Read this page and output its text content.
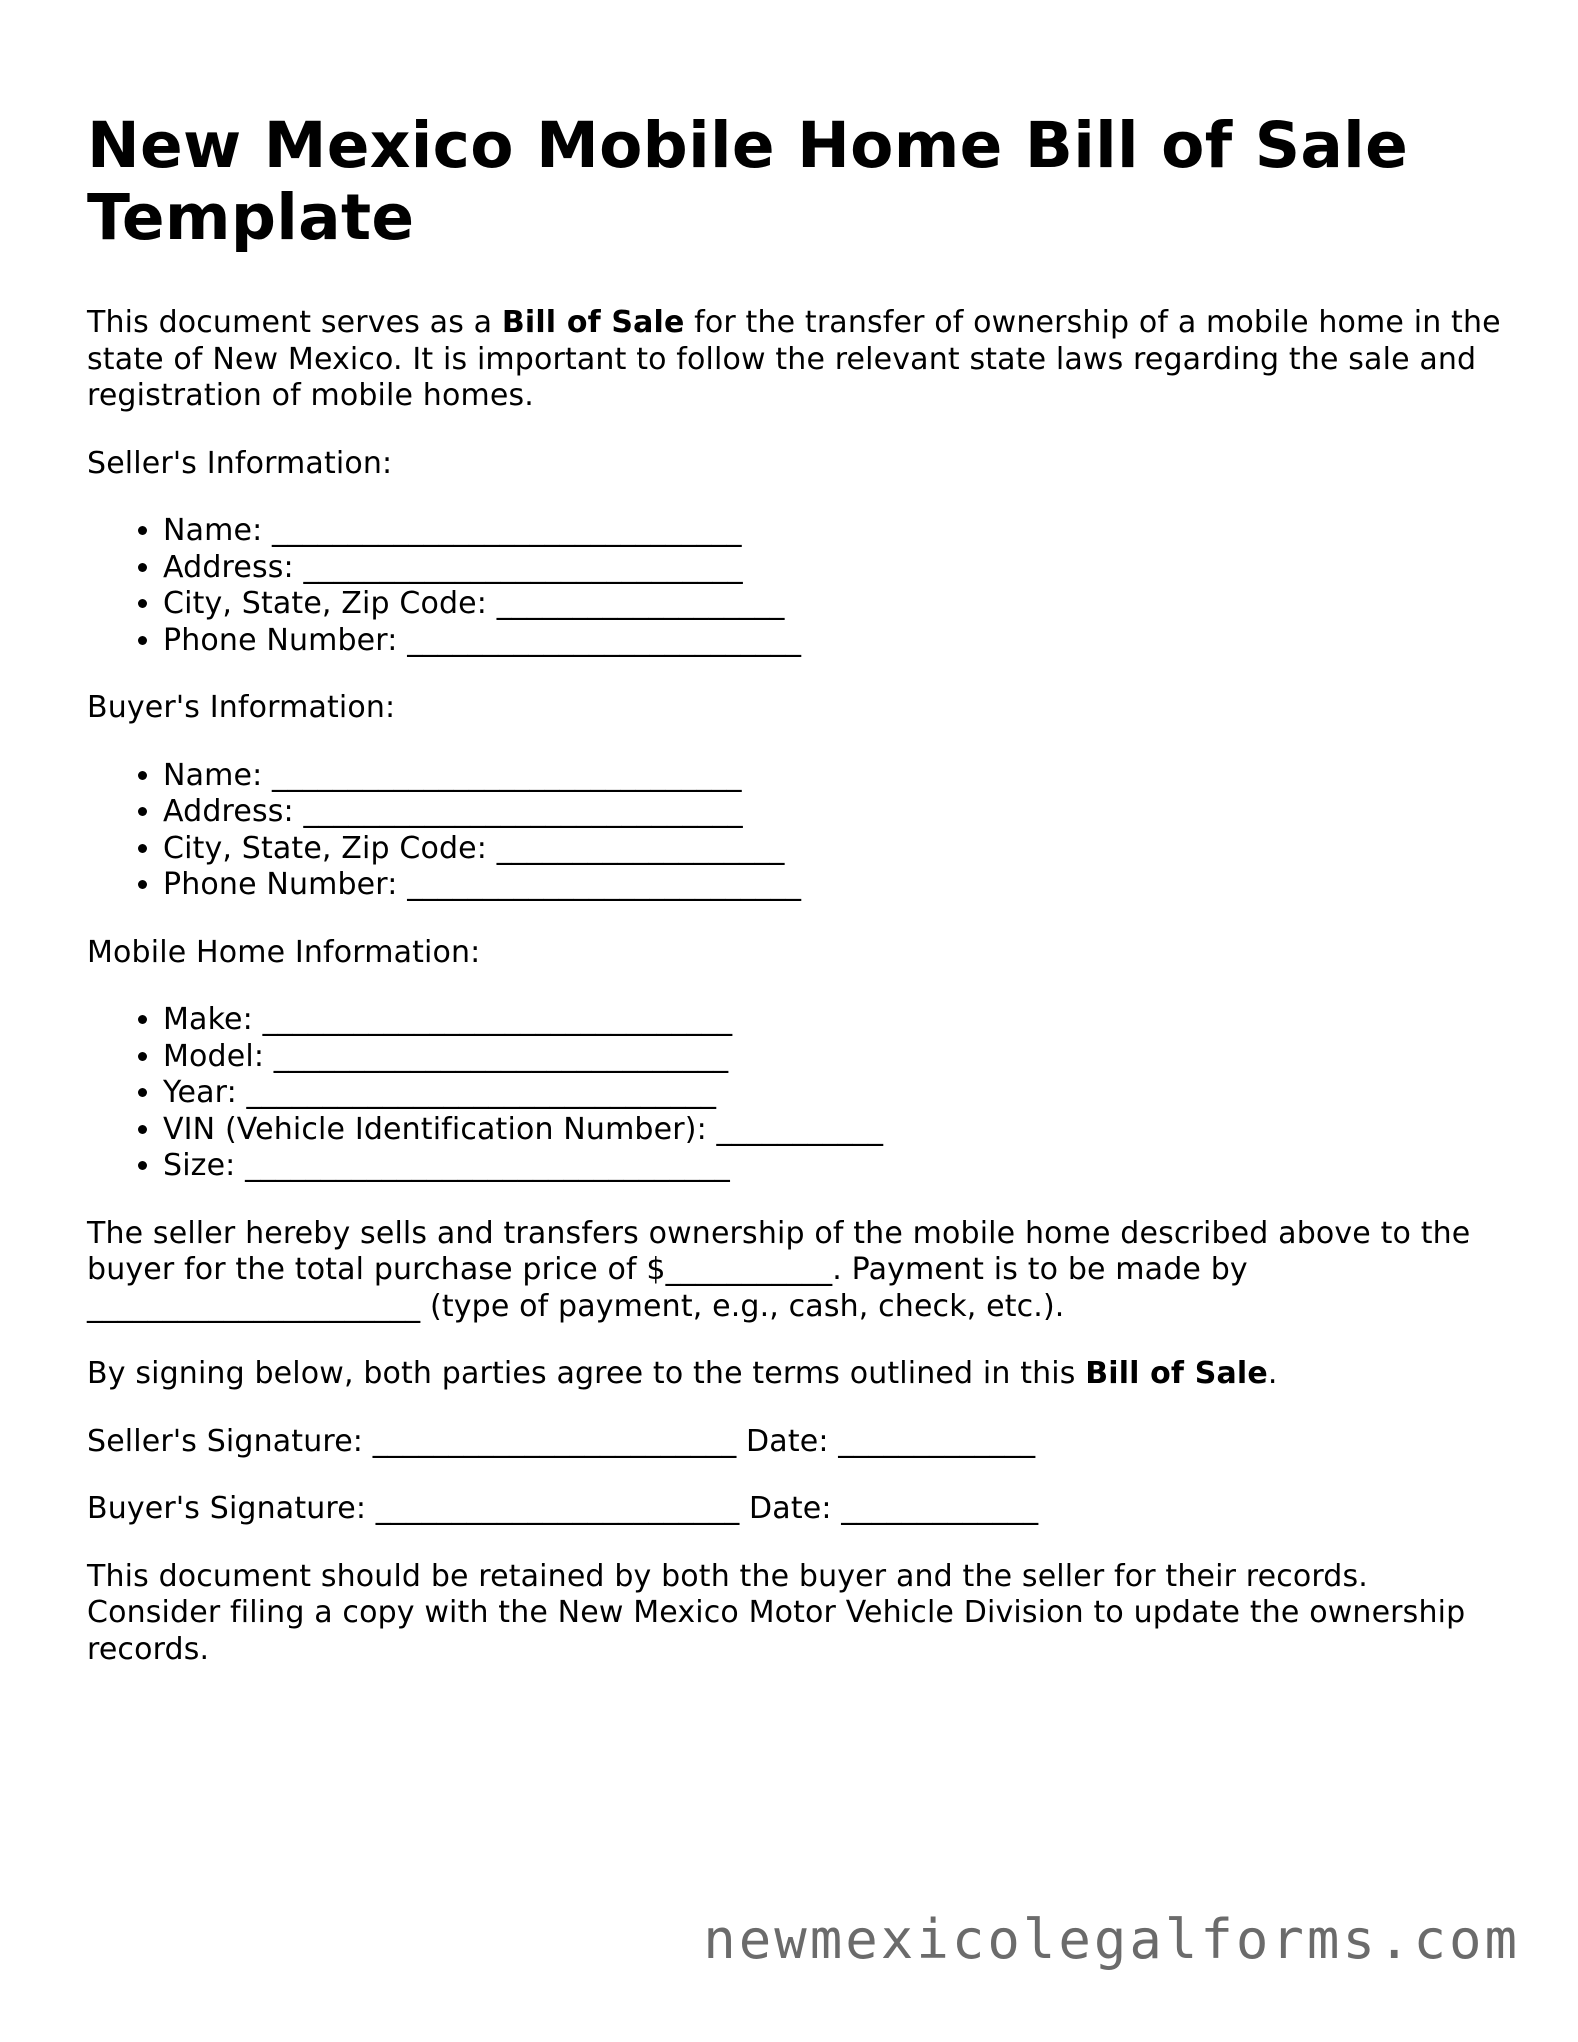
New Mexico Mobile Home Bill of Sale Template

This document serves as a Bill of Sale for the transfer of ownership of a mobile home in the state of New Mexico. It is important to follow the relevant state laws regarding the sale and registration of mobile homes.

Seller's Information:

• Name: _______________________________
• Address: _____________________________
• City, State, Zip Code: ___________________
• Phone Number: __________________________

Buyer's Information:

• Name: _______________________________
• Address: _____________________________
• City, State, Zip Code: ___________________
• Phone Number: __________________________

Mobile Home Information:

• Make: _______________________________
• Model: ______________________________
• Year: _______________________________
• VIN (Vehicle Identification Number): ___________
• Size: ________________________________

The seller hereby sells and transfers ownership of the mobile home described above to the buyer for the total purchase price of $___________. Payment is to be made by ______________________ (type of payment, e.g., cash, check, etc.).

By signing below, both parties agree to the terms outlined in this Bill of Sale.

Seller's Signature: ________________________ Date: _____________

Buyer's Signature: ________________________ Date: _____________

This document should be retained by both the buyer and the seller for their records. Consider filing a copy with the New Mexico Motor Vehicle Division to update the ownership records.

newmexicolegalforms.com
